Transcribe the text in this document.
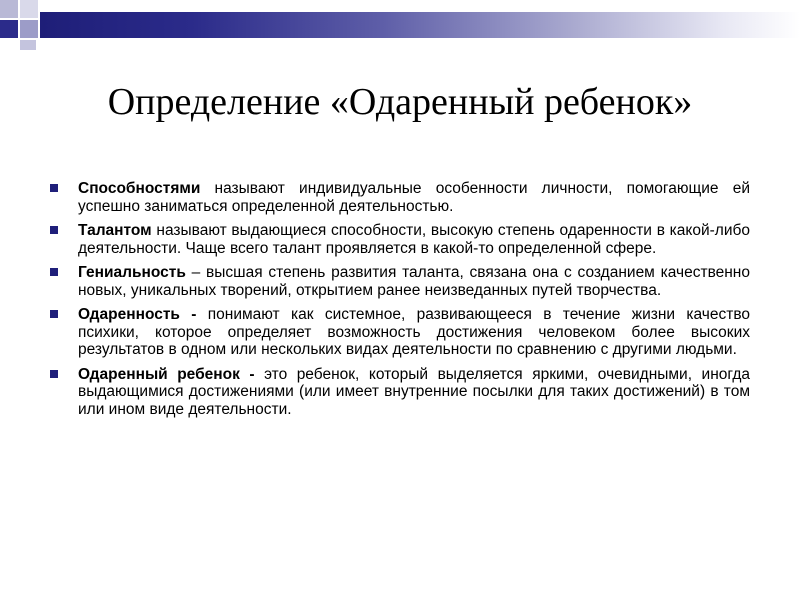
Определение «Одаренный ребенок»
Способностями называют индивидуальные особенности личности, помогающие ей успешно заниматься определенной деятельностью.
Талантом называют выдающиеся способности, высокую степень одаренности в какой-либо деятельности. Чаще всего талант проявляется в какой-то определенной сфере.
Гениальность – высшая степень развития таланта, связана она с созданием качественно новых, уникальных творений, открытием ранее неизведанных путей творчества.
Одаренность - понимают как системное, развивающееся в течение жизни качество психики, которое определяет возможность достижения человеком более высоких результатов в одном или нескольких видах деятельности по сравнению с другими людьми.
Одаренный ребенок - это ребенок, который выделяется яркими, очевидными, иногда выдающимися достижениями (или имеет внутренние посылки для таких достижений) в том или ином виде деятельности.
